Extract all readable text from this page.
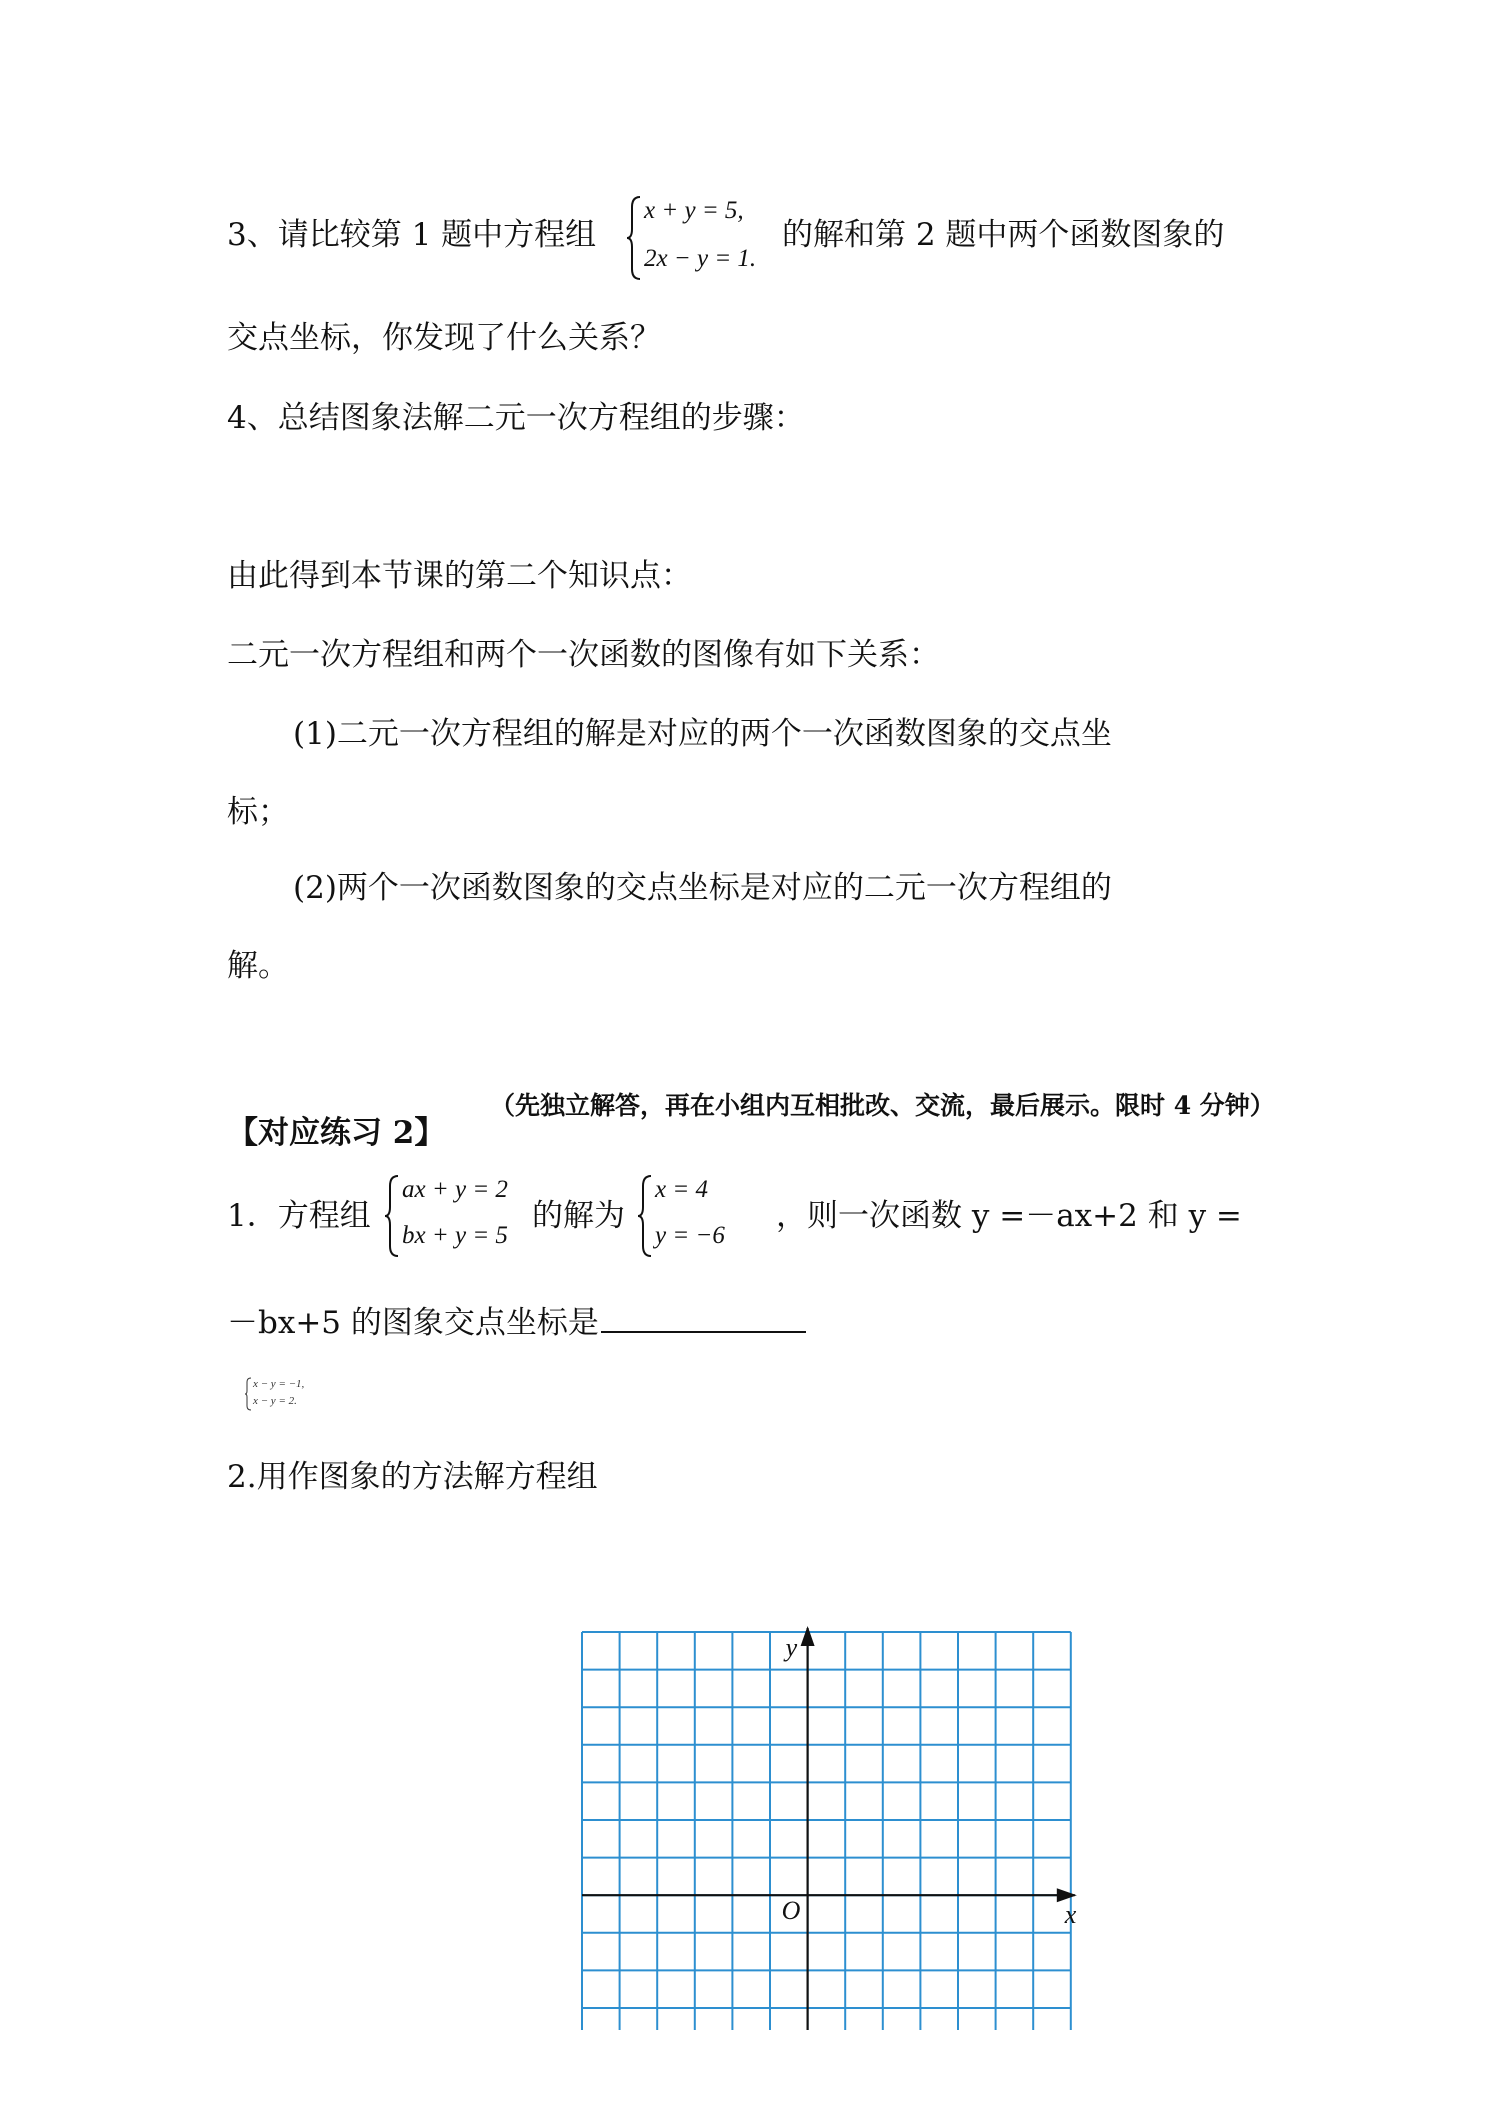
3、请比较第 1 题中方程组
x + y = 5,
2x − y = 1.
的解和第 2 题中两个函数图象的
交点坐标，你发现了什么关系？
4、总结图象法解二元一次方程组的步骤：
由此得到本节课的第二个知识点：
二元一次方程组和两个一次函数的图像有如下关系：
(1)二元一次方程组的解是对应的两个一次函数图象的交点坐
标；
(2)两个一次函数图象的交点坐标是对应的二元一次方程组的
解。
【对应练习 2】
（先独立解答，再在小组内互相批改、交流，最后展示。限时 4 分钟）
1．方程组
ax + y = 2
bx + y = 5
的解为
x = 4
y = −6
，则一次函数 y =－ax+2 和 y =
－bx+5 的图象交点坐标是
x − y = −1,
x − y = 2.
2.用作图象的方法解方程组
y
x
O
